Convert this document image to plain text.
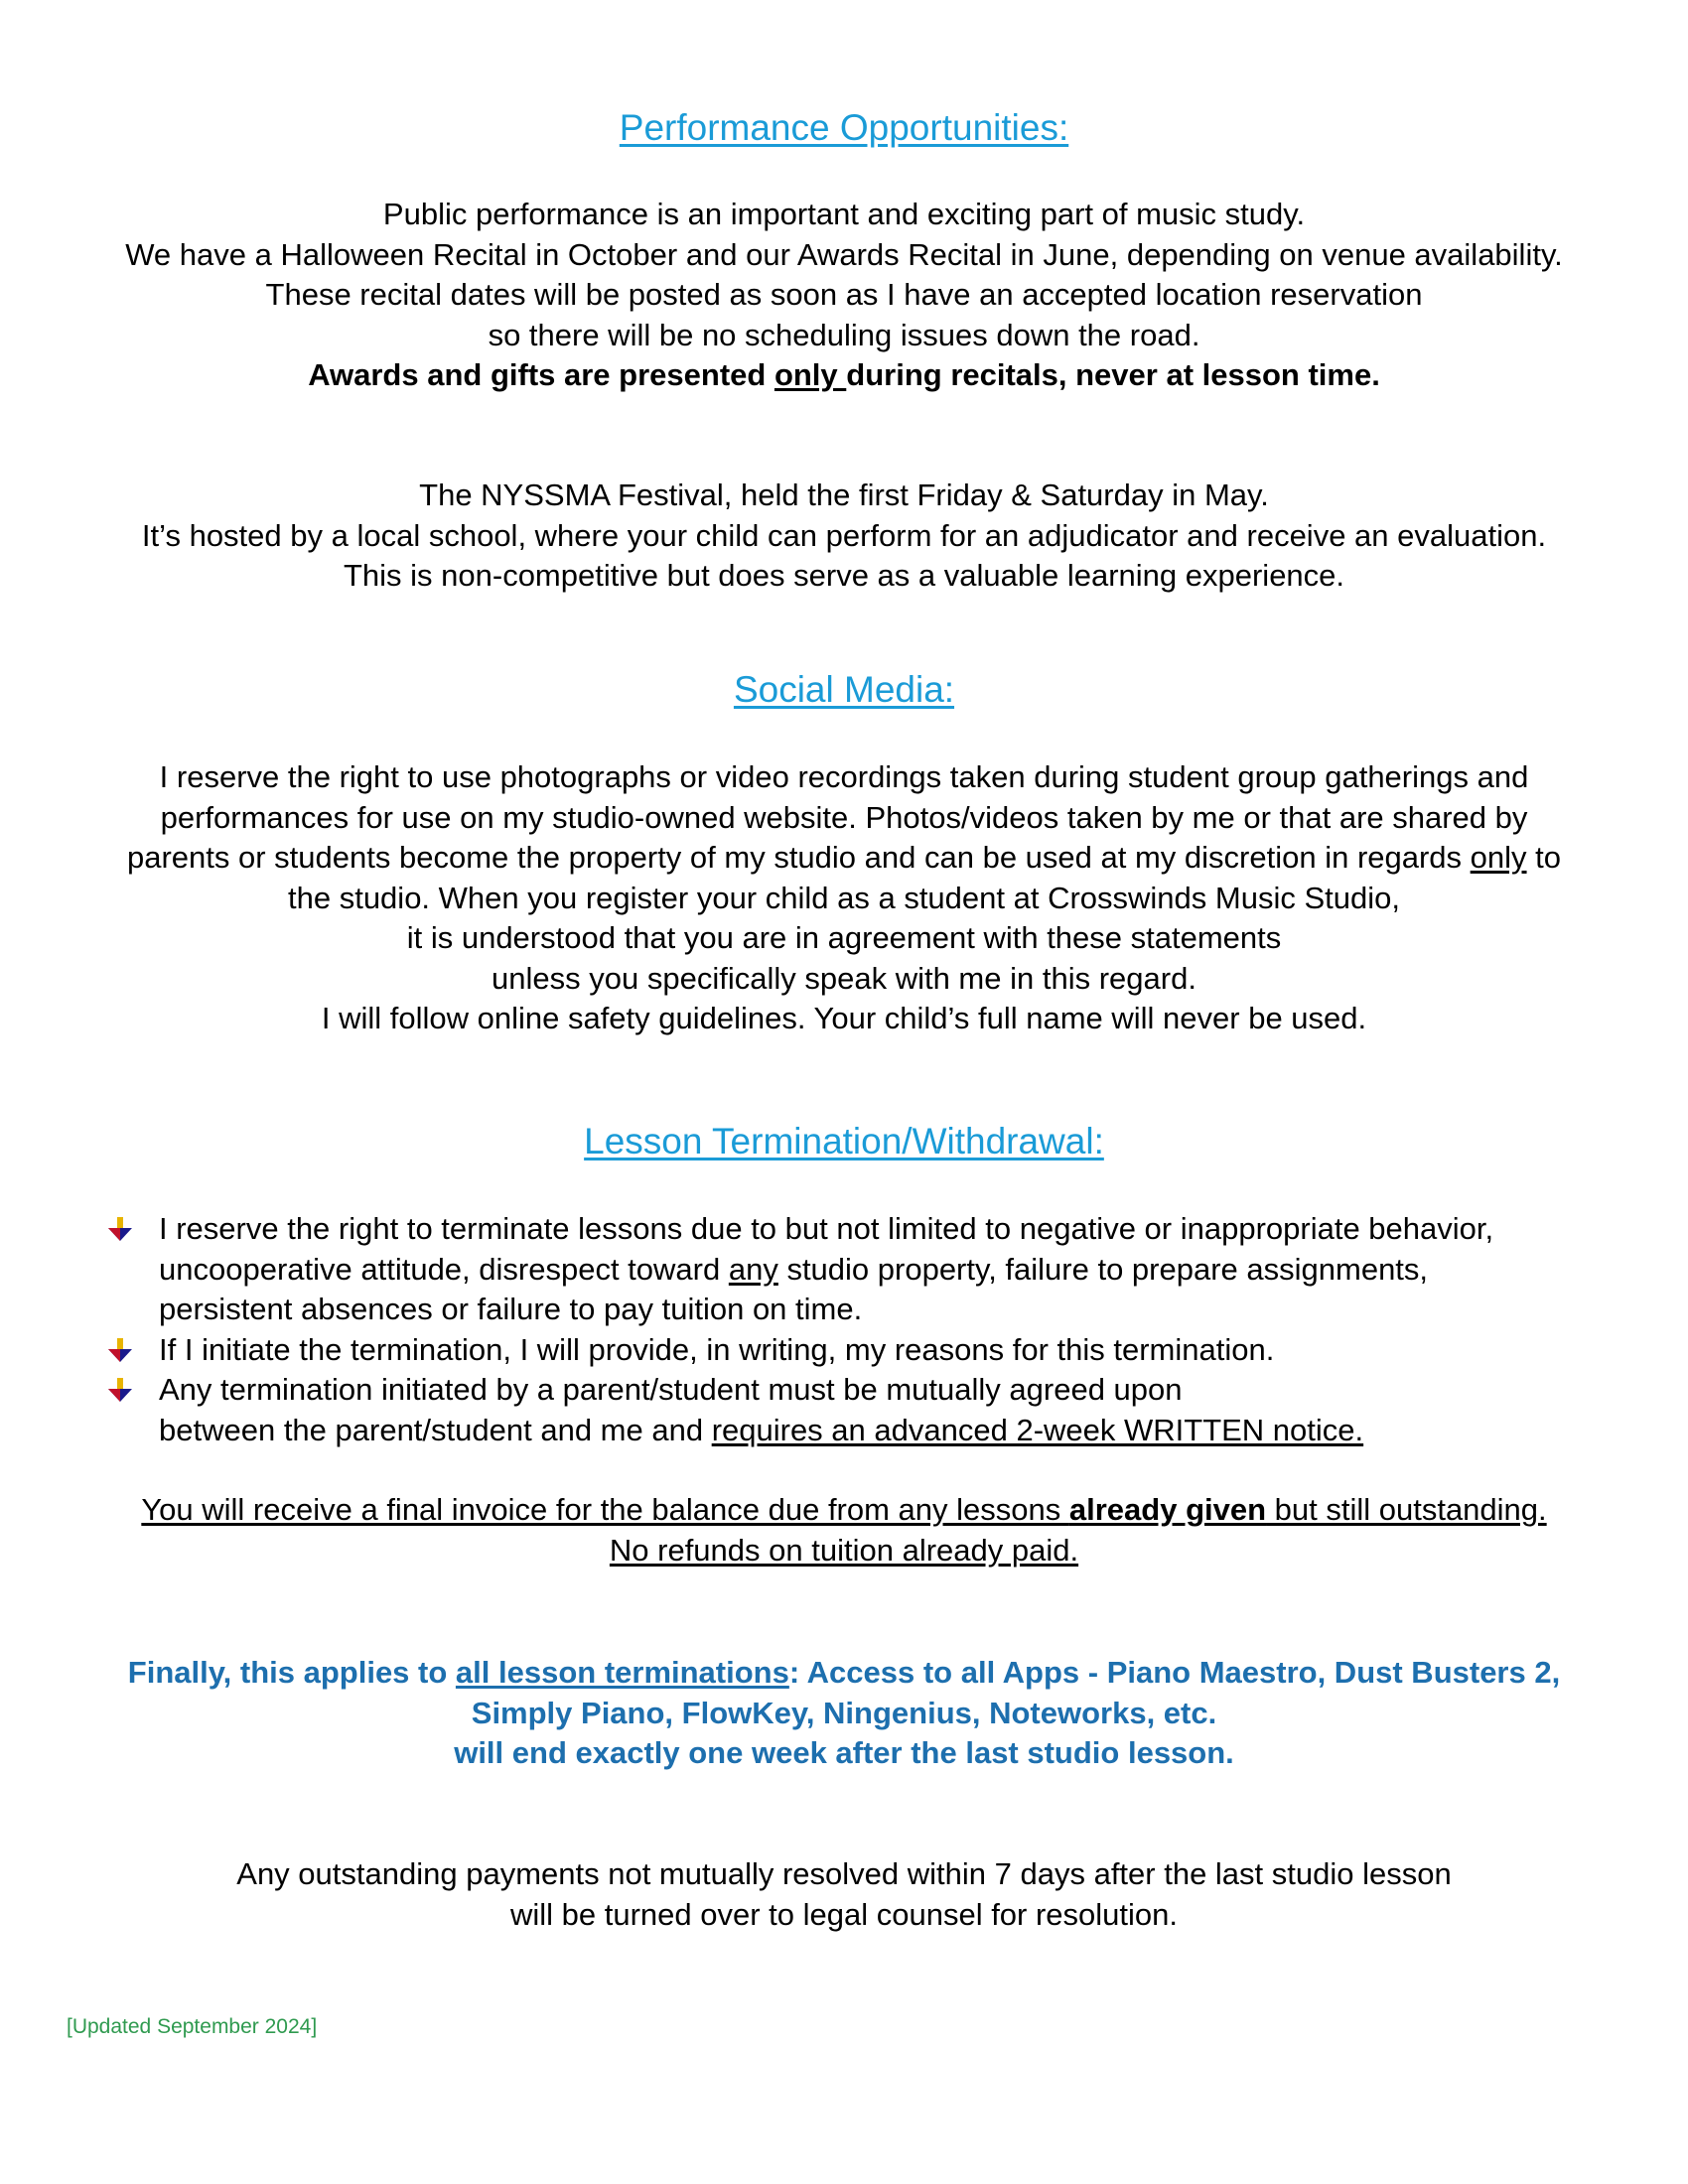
Performance Opportunities:
Public performance is an important and exciting part of music study.
We have a Halloween Recital in October and our Awards Recital in June, depending on venue availability.
These recital dates will be posted as soon as I have an accepted location reservation
so there will be no scheduling issues down the road.
Awards and gifts are presented only during recitals, never at lesson time.
The NYSSMA Festival, held the first Friday & Saturday in May.
It’s hosted by a local school, where your child can perform for an adjudicator and receive an evaluation.
This is non-competitive but does serve as a valuable learning experience.
Social Media:
I reserve the right to use photographs or video recordings taken during student group gatherings and
performances for use on my studio-owned website. Photos/videos taken by me or that are shared by
parents or students become the property of my studio and can be used at my discretion in regards only to
the studio. When you register your child as a student at Crosswinds Music Studio,
it is understood that you are in agreement with these statements
unless you specifically speak with me in this regard.
I will follow online safety guidelines. Your child’s full name will never be used.
Lesson Termination/Withdrawal:
I reserve the right to terminate lessons due to but not limited to negative or inappropriate behavior,
uncooperative attitude, disrespect toward any studio property, failure to prepare assignments,
persistent absences or failure to pay tuition on time.
If I initiate the termination, I will provide, in writing, my reasons for this termination.
Any termination initiated by a parent/student must be mutually agreed upon
between the parent/student and me and requires an advanced 2-week WRITTEN notice.
You will receive a final invoice for the balance due from any lessons already given but still outstanding.
No refunds on tuition already paid.
Finally, this applies to all lesson terminations: Access to all Apps - Piano Maestro, Dust Busters 2,
Simply Piano, FlowKey, Ningenius, Noteworks, etc.
will end exactly one week after the last studio lesson.
Any outstanding payments not mutually resolved within 7 days after the last studio lesson
will be turned over to legal counsel for resolution.
[Updated September 2024]
